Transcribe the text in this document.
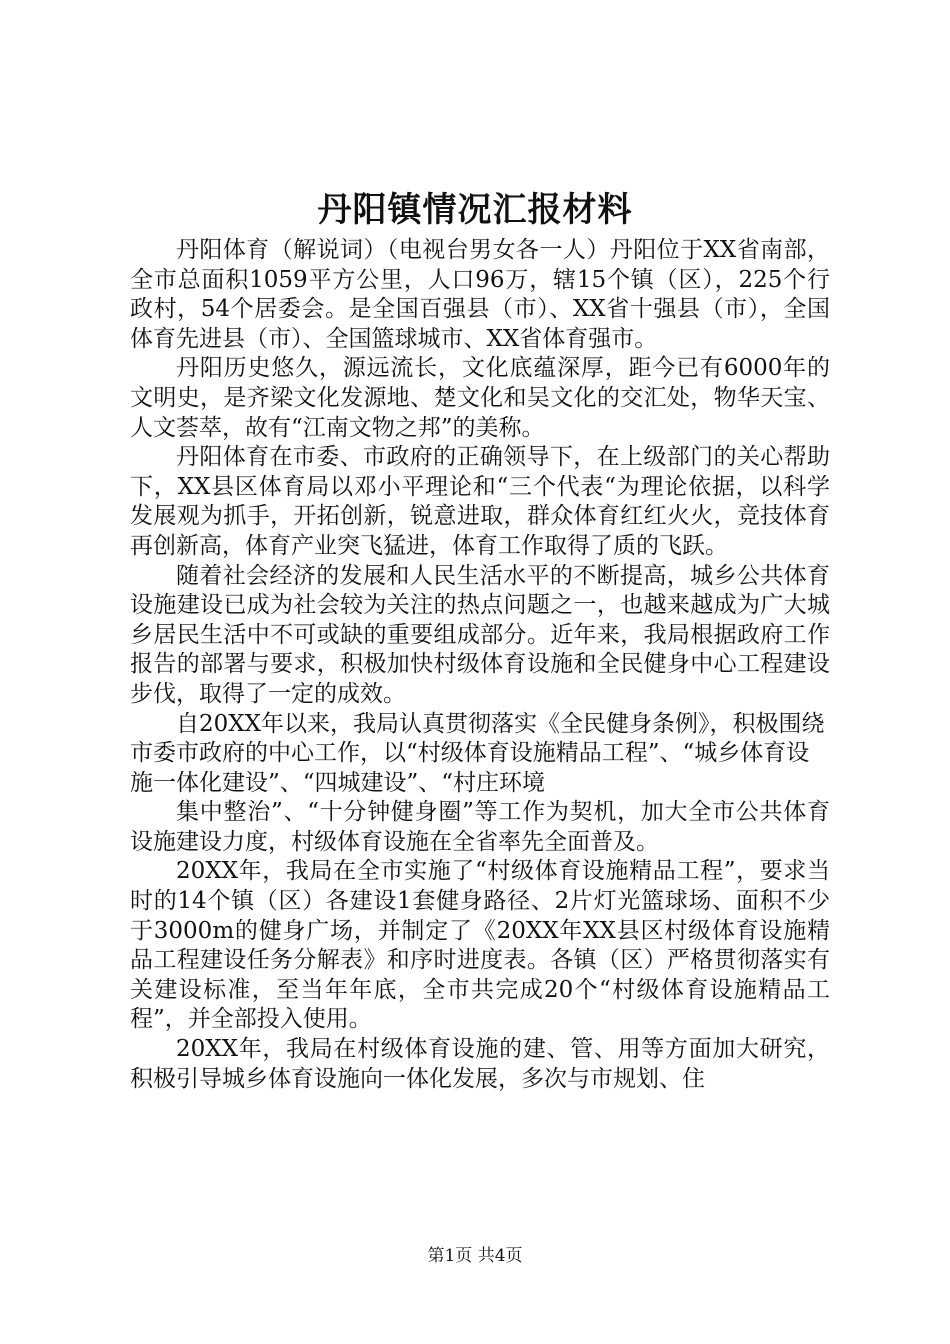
丹阳镇情况汇报材料

丹阳体育（解说词）（电视台男女各一人）丹阳位于XX省南部，全市总面积1059平方公里，人口96万，辖15个镇（区），225个行政村，54个居委会。是全国百强县（市）、XX省十强县（市），全国体育先进县（市）、全国篮球城市、XX省体育强市。

丹阳历史悠久，源远流长，文化底蕴深厚，距今已有6000年的文明史，是齐梁文化发源地、楚文化和吴文化的交汇处，物华天宝、人文荟萃，故有“江南文物之邦”的美称。

丹阳体育在市委、市政府的正确领导下，在上级部门的关心帮助下，XX县区体育局以邓小平理论和“三个代表“为理论依据，以科学发展观为抓手，开拓创新，锐意进取，群众体育红红火火，竞技体育再创新高，体育产业突飞猛进，体育工作取得了质的飞跃。

随着社会经济的发展和人民生活水平的不断提高，城乡公共体育设施建设已成为社会较为关注的热点问题之一，也越来越成为广大城乡居民生活中不可或缺的重要组成部分。近年来，我局根据政府工作报告的部署与要求，积极加快村级体育设施和全民健身中心工程建设步伐，取得了一定的成效。

自20XX年以来，我局认真贯彻落实《全民健身条例》，积极围绕市委市政府的中心工作，以“村级体育设施精品工程”、“城乡体育设施一体化建设”、“四城建设”、“村庄环境

集中整治”、“十分钟健身圈”等工作为契机，加大全市公共体育设施建设力度，村级体育设施在全省率先全面普及。

20XX年，我局在全市实施了“村级体育设施精品工程”，要求当时的14个镇（区）各建设1套健身路径、2片灯光篮球场、面积不少于3000m的健身广场，并制定了《20XX年XX县区村级体育设施精品工程建设任务分解表》和序时进度表。各镇（区）严格贯彻落实有关建设标准，至当年年底，全市共完成20个“村级体育设施精品工程”，并全部投入使用。

20XX年，我局在村级体育设施的建、管、用等方面加大研究，积极引导城乡体育设施向一体化发展，多次与市规划、住

第1页 共4页
